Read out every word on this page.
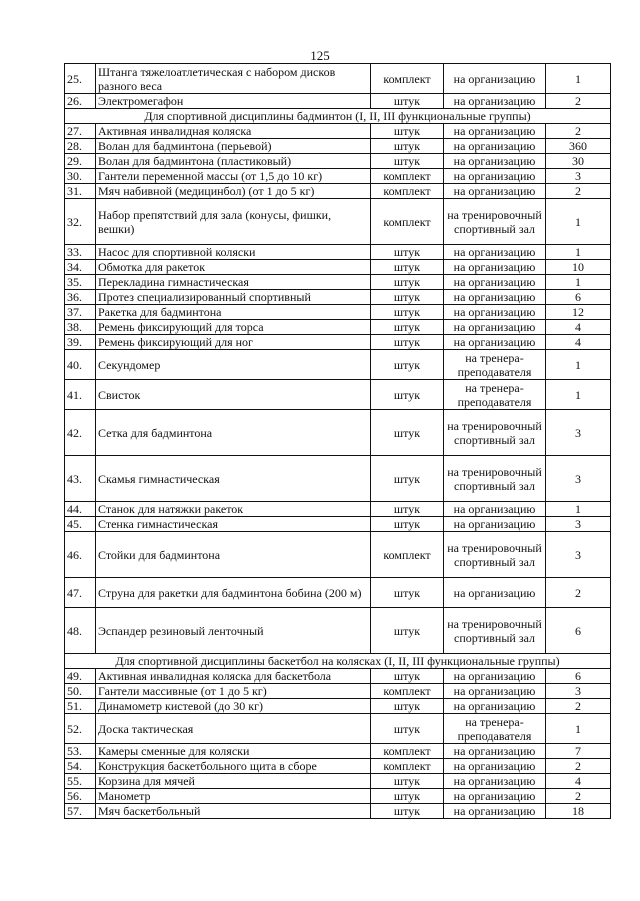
125
25.	Штанга тяжелоатлетическая с набором дисков разного веса	комплект	на организацию	1
26.	Электромегафон	штук	на организацию	2
Для спортивной дисциплины бадминтон (I, II, III функциональные группы)				
27.	Активная инвалидная коляска	штук	на организацию	2
28.	Волан для бадминтона (перьевой)	штук	на организацию	360
29.	Волан для бадминтона (пластиковый)	штук	на организацию	30
30.	Гантели переменной массы (от 1,5 до 10 кг)	комплект	на организацию	3
31.	Мяч набивной (медицинбол) (от 1 до 5 кг)	комплект	на организацию	2
32.	Набор препятствий для зала (конусы, фишки, вешки)	комплект	на тренировочный спортивный зал	1
33.	Насос для спортивной коляски	штук	на организацию	1
34.	Обмотка для ракеток	штук	на организацию	10
35.	Перекладина гимнастическая	штук	на организацию	1
36.	Протез специализированный спортивный	штук	на организацию	6
37.	Ракетка для бадминтона	штук	на организацию	12
38.	Ремень фиксирующий для торса	штук	на организацию	4
39.	Ремень фиксирующий для ног	штук	на организацию	4
40.	Секундомер	штук	на тренера-преподавателя	1
41.	Свисток	штук	на тренера-преподавателя	1
42.	Сетка для бадминтона	штук	на тренировочный спортивный зал	3
43.	Скамья гимнастическая	штук	на тренировочный спортивный зал	3
44.	Станок для натяжки ракеток	штук	на организацию	1
45.	Стенка гимнастическая	штук	на организацию	3
46.	Стойки для бадминтона	комплект	на тренировочный спортивный зал	3
47.	Струна для ракетки для бадминтона бобина (200 м)	штук	на организацию	2
48.	Эспандер резиновый ленточный	штук	на тренировочный спортивный зал	6
Для спортивной дисциплины баскетбол на колясках (I, II, III функциональные группы)				
49.	Активная инвалидная коляска для баскетбола	штук	на организацию	6
50.	Гантели массивные (от 1 до 5 кг)	комплект	на организацию	3
51.	Динамометр кистевой (до 30 кг)	штук	на организацию	2
52.	Доска тактическая	штук	на тренера-преподавателя	1
53.	Камеры сменные для коляски	комплект	на организацию	7
54.	Конструкция баскетбольного щита в сборе	комплект	на организацию	2
55.	Корзина для мячей	штук	на организацию	4
56.	Манометр	штук	на организацию	2
57.	Мяч баскетбольный	штук	на организацию	18
